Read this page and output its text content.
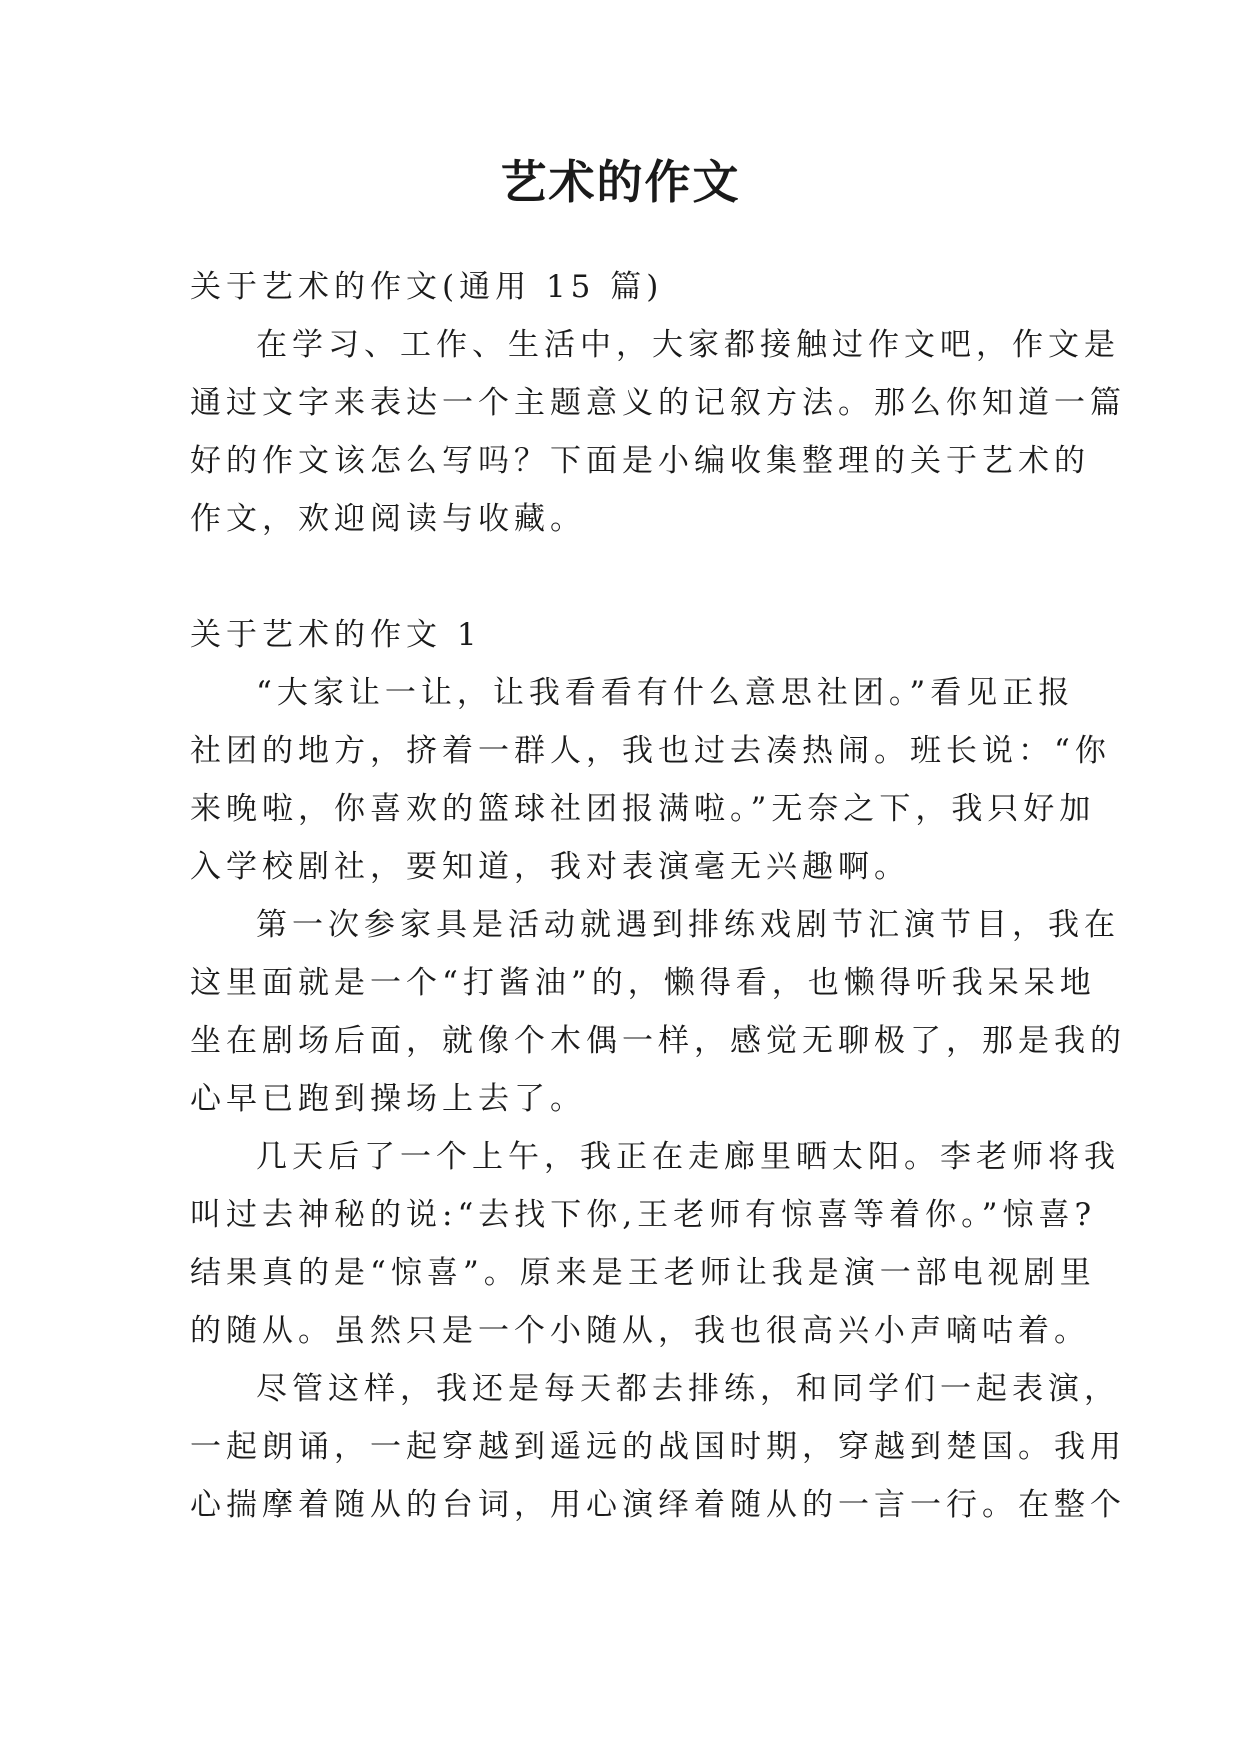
艺术的作文
关于艺术的作文(通用 15 篇)
在学习、工作、生活中，大家都接触过作文吧，作文是
通过文字来表达一个主题意义的记叙方法。那么你知道一篇
好的作文该怎么写吗？下面是小编收集整理的关于艺术的
作文，欢迎阅读与收藏。
关于艺术的作文 1
“大家让一让，让我看看有什么意思社团。”看见正报
社团的地方，挤着一群人，我也过去凑热闹。班长说：“你
来晚啦，你喜欢的篮球社团报满啦。”无奈之下，我只好加
入学校剧社，要知道，我对表演毫无兴趣啊。
第一次参家具是活动就遇到排练戏剧节汇演节目，我在
这里面就是一个“打酱油”的，懒得看，也懒得听我呆呆地
坐在剧场后面，就像个木偶一样，感觉无聊极了，那是我的
心早已跑到操场上去了。
几天后了一个上午，我正在走廊里晒太阳。李老师将我
叫过去神秘的说:“去找下你,王老师有惊喜等着你。”惊喜?
结果真的是“惊喜”。原来是王老师让我是演一部电视剧里
的随从。虽然只是一个小随从，我也很高兴小声嘀咕着。
尽管这样，我还是每天都去排练，和同学们一起表演，
一起朗诵，一起穿越到遥远的战国时期，穿越到楚国。我用
心揣摩着随从的台词，用心演绎着随从的一言一行。在整个
